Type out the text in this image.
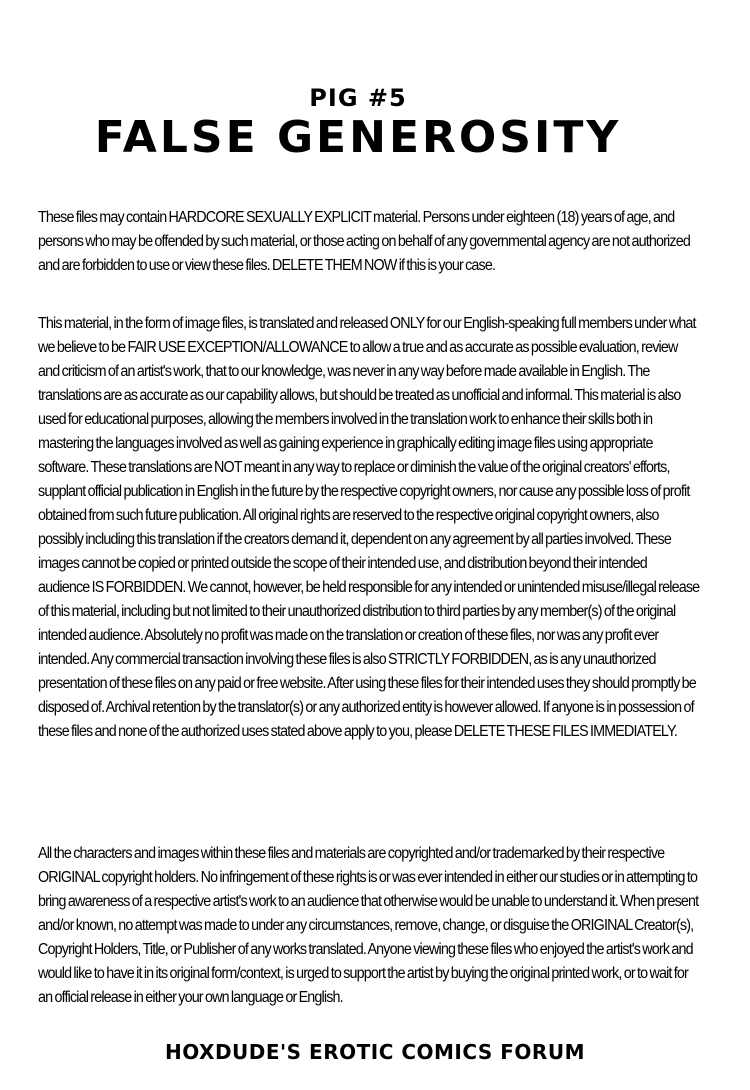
PIG #5
FALSE GENEROSITY
These files may contain HARDCORE SEXUALLY EXPLICIT material. Persons under eighteen (18) years of age, and persons who may be offended by such material, or those acting on behalf of any governmental agency are not authorized and are forbidden to use or view these files. DELETE THEM NOW if this is your case.
This material, in the form of image files, is translated and released ONLY for our English-speaking full members under what we believe to be FAIR USE EXCEPTION/ALLOWANCE to allow a true and as accurate as possible evaluation, review and criticism of an artist's work, that to our knowledge, was never in any way before made available in English. The translations are as accurate as our capability allows, but should be treated as unofficial and informal. This material is also used for educational purposes, allowing the members involved in the translation work to enhance their skills both in mastering the languages involved as well as gaining experience in graphically editing image files using appropriate software. These translations are NOT meant in any way to replace or diminish the value of the original creators' efforts, supplant official publication in English in the future by the respective copyright owners, nor cause any possible loss of profit obtained from such future publication. All original rights are reserved to the respective original copyright owners, also possibly including this translation if the creators demand it, dependent on any agreement by all parties involved. These images cannot be copied or printed outside the scope of their intended use, and distribution beyond their intended audience IS FORBIDDEN. We cannot, however, be held responsible for any intended or unintended misuse/illegal release of this material, including but not limited to their unauthorized distribution to third parties by any member(s) of the original intended audience. Absolutely no profit was made on the translation or creation of these files, nor was any profit ever intended. Any commercial transaction involving these files is also STRICTLY FORBIDDEN, as is any unauthorized presentation of these files on any paid or free website. After using these files for their intended uses they should promptly be disposed of. Archival retention by the translator(s) or any authorized entity is however allowed. If anyone is in possession of these files and none of the authorized uses stated above apply to you, please DELETE THESE FILES IMMEDIATELY.
All the characters and images within these files and materials are copyrighted and/or trademarked by their respective ORIGINAL copyright holders. No infringement of these rights is or was ever intended in either our studies or in attempting to bring awareness of a respective artist's work to an audience that otherwise would be unable to understand it. When present and/or known, no attempt was made to under any circumstances, remove, change, or disguise the ORIGINAL Creator(s), Copyright Holders, Title, or Publisher of any works translated. Anyone viewing these files who enjoyed the artist's work and would like to have it in its original form/context, is urged to support the artist by buying the original printed work, or to wait for an official release in either your own language or English.
HOXDUDE'S EROTIC COMICS FORUM
